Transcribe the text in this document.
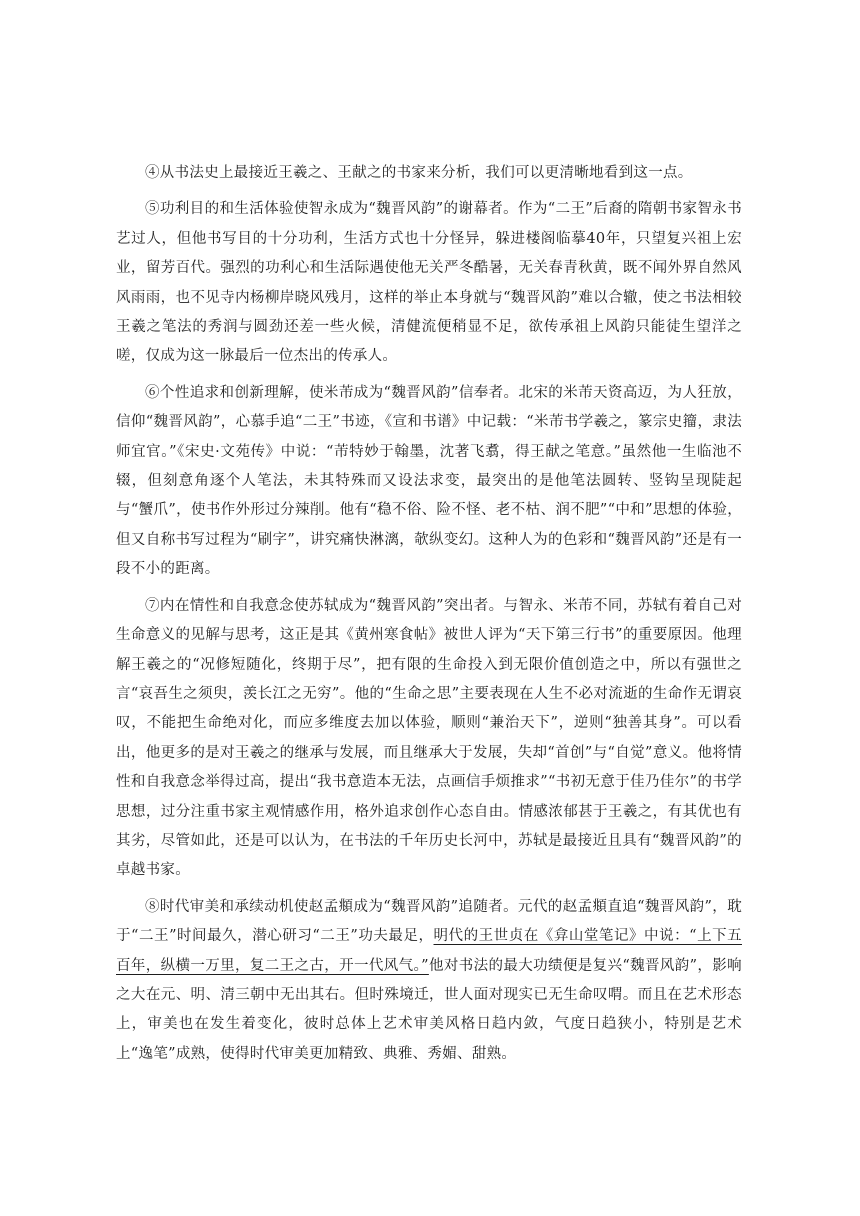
④从书法史上最接近王羲之、王献之的书家来分析，我们可以更清晰地看到这一点。

⑤功利目的和生活体验使智永成为“魏晋风韵”的谢幕者。作为“二王”后裔的隋朝书家智永书艺过人，但他书写目的十分功利，生活方式也十分怪异，躲进楼阁临摹40年，只望复兴祖上宏业，留芳百代。强烈的功利心和生活际遇使他无关严冬酷暑，无关春青秋黄，既不闻外界自然风风雨雨，也不见寺内杨柳岸晓风残月，这样的举止本身就与“魏晋风韵”难以合辙，使之书法相较王羲之笔法的秀润与圆劲还差一些火候，清健流便稍显不足，欲传承祖上风韵只能徒生望洋之嗟，仅成为这一脉最后一位杰出的传承人。

⑥个性追求和创新理解，使米芾成为“魏晋风韵”信奉者。北宋的米芾天资高迈，为人狂放，信仰“魏晋风韵”，心慕手追“二王”书迹，《宣和书谱》中记载：“米芾书学羲之，篆宗史籀，隶法师宜官。”《宋史·文苑传》中说：“芾特妙于翰墨，沈著飞翥，得王献之笔意。”虽然他一生临池不辍，但刻意角逐个人笔法，未其特殊而又设法求变，最突出的是他笔法圆转、竖钩呈现陡起与“蟹爪”，使书作外形过分辣削。他有“稳不俗、险不怪、老不枯、润不肥”“中和”思想的体验，但又自称书写过程为“刷字”，讲究痛快淋漓，欹纵变幻。这种人为的色彩和“魏晋风韵”还是有一段不小的距离。

⑦内在情性和自我意念使苏轼成为“魏晋风韵”突出者。与智永、米芾不同，苏轼有着自己对生命意义的见解与思考，这正是其《黄州寒食帖》被世人评为“天下第三行书”的重要原因。他理解王羲之的“况修短随化，终期于尽”，把有限的生命投入到无限价值创造之中，所以有强世之言“哀吾生之须臾，羡长江之无穷”。他的“生命之思”主要表现在人生不必对流逝的生命作无谓哀叹，不能把生命绝对化，而应多维度去加以体验，顺则“兼治天下”，逆则“独善其身”。可以看出，他更多的是对王羲之的继承与发展，而且继承大于发展，失却“首创”与“自觉”意义。他将情性和自我意念举得过高，提出“我书意造本无法，点画信手烦推求”“书初无意于佳乃佳尔”的书学思想，过分注重书家主观情感作用，格外追求创作心态自由。情感浓郁甚于王羲之，有其优也有其劣，尽管如此，还是可以认为，在书法的千年历史长河中，苏轼是最接近且具有“魏晋风韵”的卓越书家。

⑧时代审美和承续动机使赵孟頫成为“魏晋风韵”追随者。元代的赵孟頫直追“魏晋风韵”，耽于“二王”时间最久，潜心研习“二王”功夫最足，明代的王世贞在《弇山堂笔记》中说：“上下五百年，纵横一万里，复二王之古，开一代风气。”他对书法的最大功绩便是复兴“魏晋风韵”，影响之大在元、明、清三朝中无出其右。但时殊境迁，世人面对现实已无生命叹喟。而且在艺术形态上，审美也在发生着变化，彼时总体上艺术审美风格日趋内敛，气度日趋狭小，特别是艺术上“逸笔”成熟，使得时代审美更加精致、典雅、秀媚、甜熟。
